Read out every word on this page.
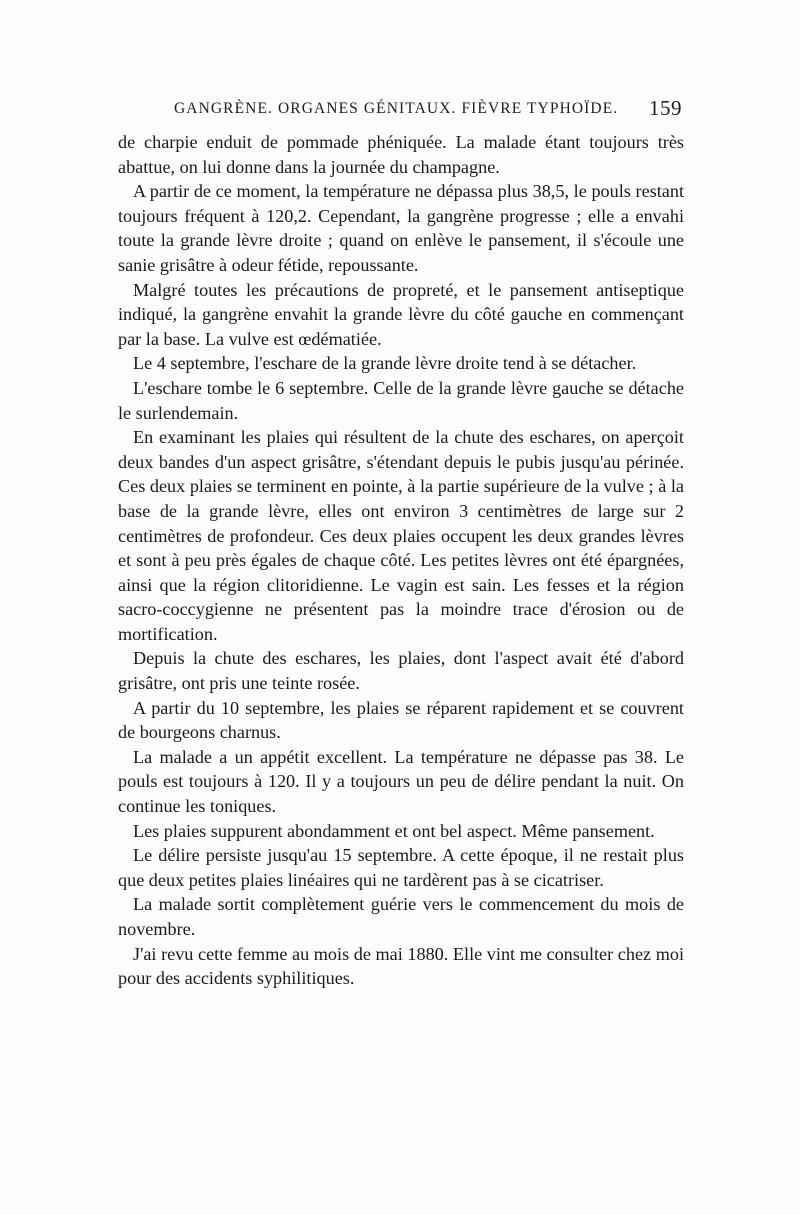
GANGRÈNE. ORGANES GÉNITAUX. FIÈVRE TYPHOÏDE. 159

de charpie enduit de pommade phéniquée. La malade étant toujours très abattue, on lui donne dans la journée du champagne.

A partir de ce moment, la température ne dépassa plus 38,5, le pouls restant toujours fréquent à 120,2. Cependant, la gangrène progresse ; elle a envahi toute la grande lèvre droite ; quand on enlève le pansement, il s'écoule une sanie grisâtre à odeur fétide, repoussante.

Malgré toutes les précautions de propreté, et le pansement antiseptique indiqué, la gangrène envahit la grande lèvre du côté gauche en commençant par la base. La vulve est œdématiée.

Le 4 septembre, l'eschare de la grande lèvre droite tend à se détacher.

L'eschare tombe le 6 septembre. Celle de la grande lèvre gauche se détache le surlendemain.

En examinant les plaies qui résultent de la chute des eschares, on aperçoit deux bandes d'un aspect grisâtre, s'étendant depuis le pubis jusqu'au périnée. Ces deux plaies se terminent en pointe, à la partie supérieure de la vulve ; à la base de la grande lèvre, elles ont environ 3 centimètres de large sur 2 centimètres de profondeur. Ces deux plaies occupent les deux grandes lèvres et sont à peu près égales de chaque côté. Les petites lèvres ont été épargnées, ainsi que la région clitoridienne. Le vagin est sain. Les fesses et la région sacro-coccygienne ne présentent pas la moindre trace d'érosion ou de mortification.

Depuis la chute des eschares, les plaies, dont l'aspect avait été d'abord grisâtre, ont pris une teinte rosée.

A partir du 10 septembre, les plaies se réparent rapidement et se couvrent de bourgeons charnus.

La malade a un appétit excellent. La température ne dépasse pas 38. Le pouls est toujours à 120. Il y a toujours un peu de délire pendant la nuit. On continue les toniques.

Les plaies suppurent abondamment et ont bel aspect. Même pansement.

Le délire persiste jusqu'au 15 septembre. A cette époque, il ne restait plus que deux petites plaies linéaires qui ne tardèrent pas à se cicatriser.

La malade sortit complètement guérie vers le commencement du mois de novembre.

J'ai revu cette femme au mois de mai 1880. Elle vint me consulter chez moi pour des accidents syphilitiques.
